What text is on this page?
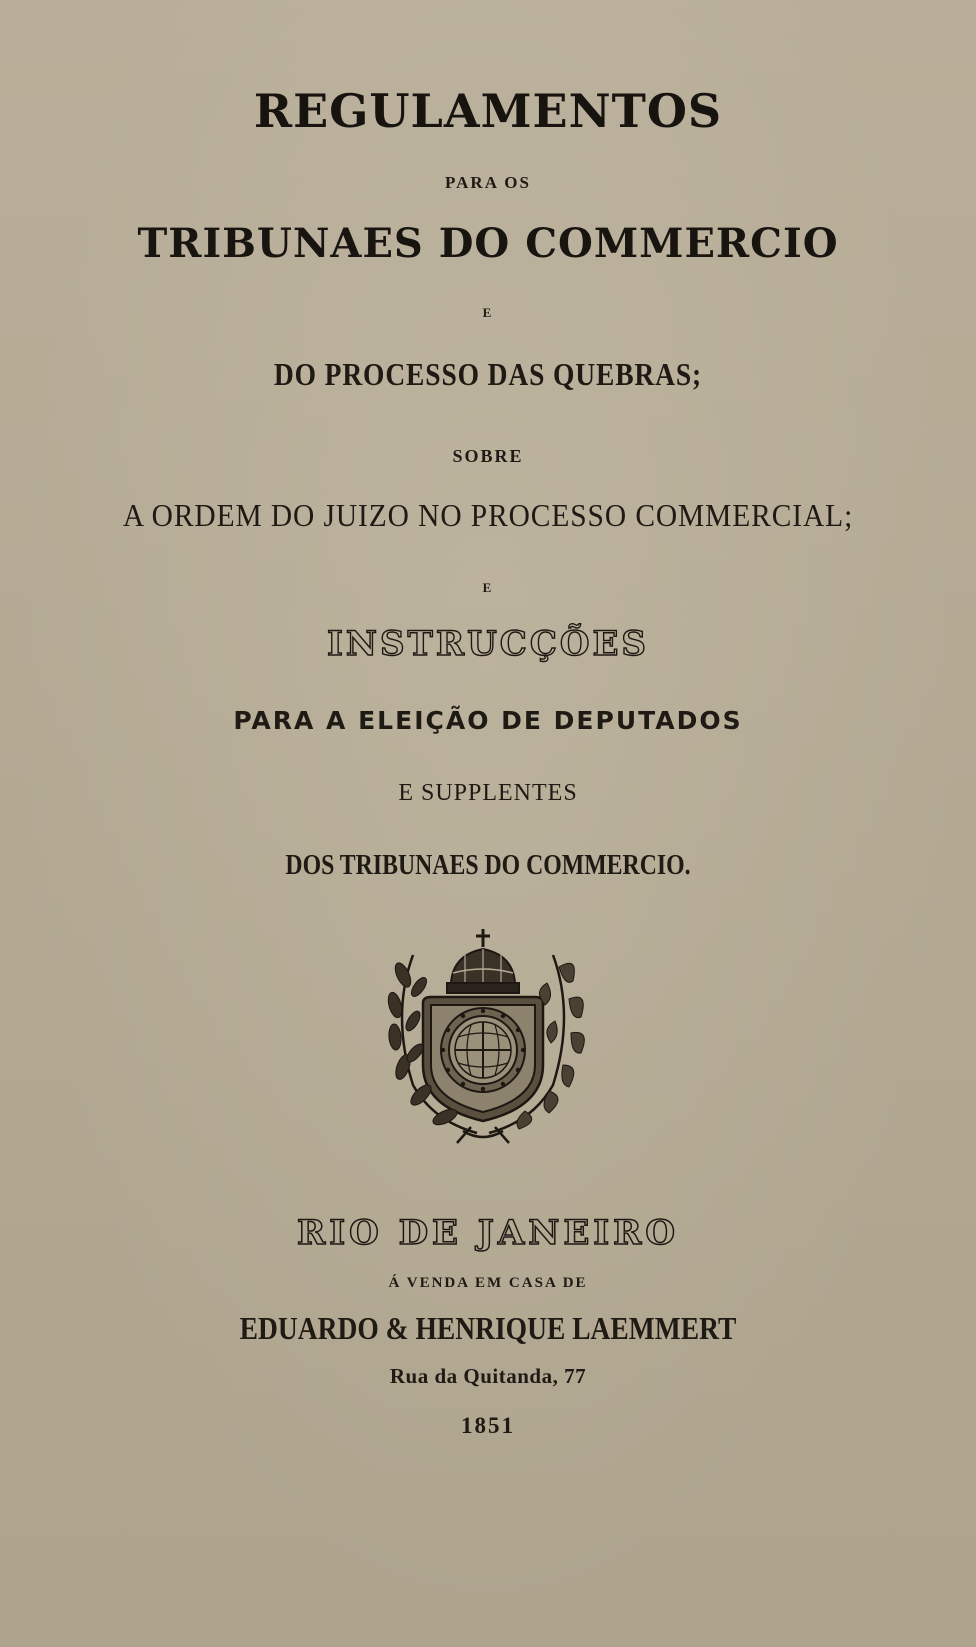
REGULAMENTOS
PARA OS
TRIBUNAES DO COMMERCIO
E
DO PROCESSO DAS QUEBRAS;
SOBRE
A ORDEM DO JUIZO NO PROCESSO COMMERCIAL;
E
INSTRUCÇÕES
PARA A ELEIÇÃO DE DEPUTADOS
E SUPPLENTES
DOS TRIBUNAES DO COMMERCIO.
RIO DE JANEIRO
Á VENDA EM CASA DE
EDUARDO & HENRIQUE LAEMMERT
Rua da Quitanda, 77
1851
